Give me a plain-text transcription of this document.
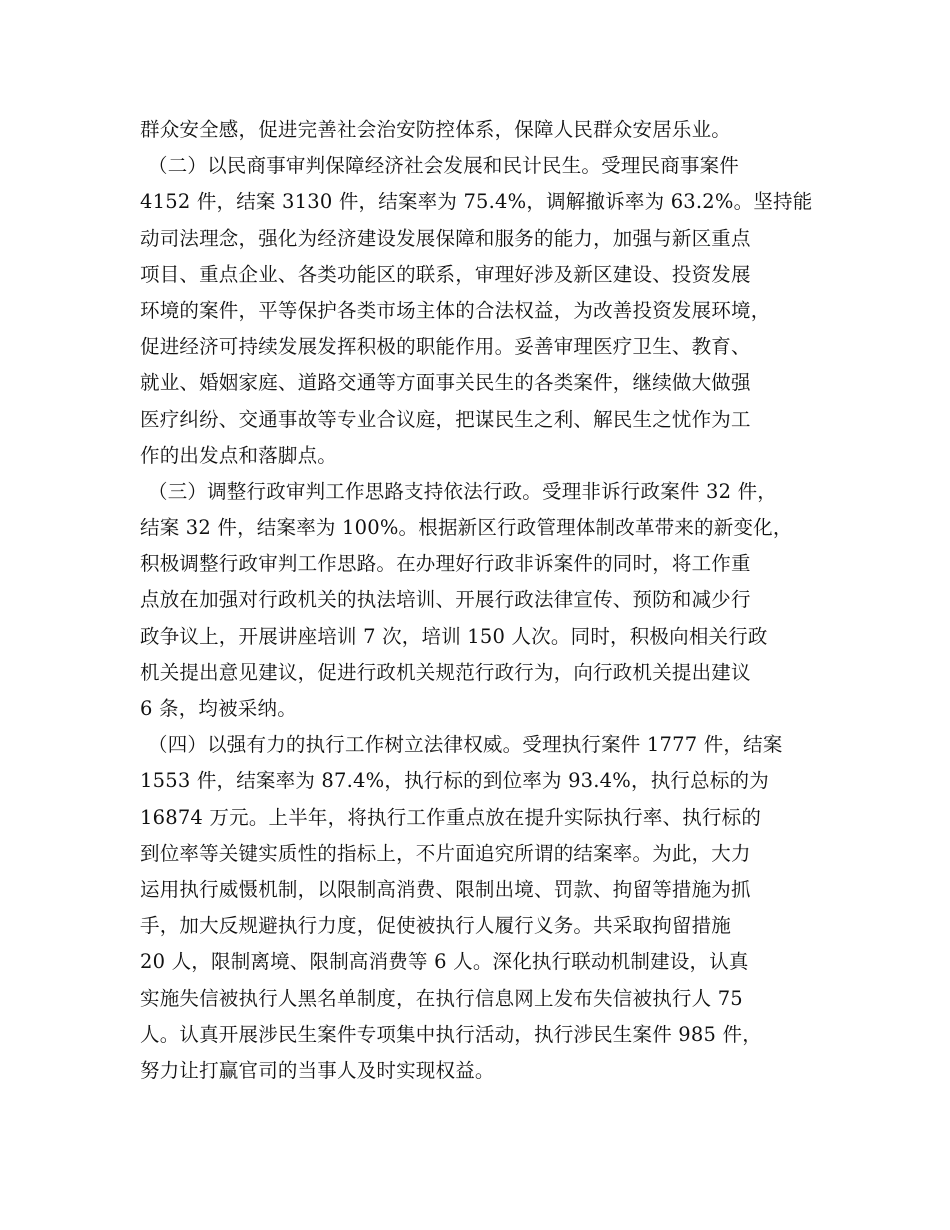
群众安全感，促进完善社会治安防控体系，保障人民群众安居乐业。
（二）以民商事审判保障经济社会发展和民计民生。受理民商事案件
4152 件，结案 3130 件，结案率为 75.4%，调解撤诉率为 63.2%。坚持能
动司法理念，强化为经济建设发展保障和服务的能力，加强与新区重点
项目、重点企业、各类功能区的联系，审理好涉及新区建设、投资发展
环境的案件，平等保护各类市场主体的合法权益，为改善投资发展环境，
促进经济可持续发展发挥积极的职能作用。妥善审理医疗卫生、教育、
就业、婚姻家庭、道路交通等方面事关民生的各类案件，继续做大做强
医疗纠纷、交通事故等专业合议庭，把谋民生之利、解民生之忧作为工
作的出发点和落脚点。
（三）调整行政审判工作思路支持依法行政。受理非诉行政案件 32 件，
结案 32 件，结案率为 100%。根据新区行政管理体制改革带来的新变化，
积极调整行政审判工作思路。在办理好行政非诉案件的同时，将工作重
点放在加强对行政机关的执法培训、开展行政法律宣传、预防和减少行
政争议上，开展讲座培训 7 次，培训 150 人次。同时，积极向相关行政
机关提出意见建议，促进行政机关规范行政行为，向行政机关提出建议
6 条，均被采纳。
（四）以强有力的执行工作树立法律权威。受理执行案件 1777 件，结案
1553 件，结案率为 87.4%，执行标的到位率为 93.4%，执行总标的为
16874 万元。上半年，将执行工作重点放在提升实际执行率、执行标的
到位率等关键实质性的指标上，不片面追究所谓的结案率。为此，大力
运用执行威慑机制，以限制高消费、限制出境、罚款、拘留等措施为抓
手，加大反规避执行力度，促使被执行人履行义务。共采取拘留措施
20 人，限制离境、限制高消费等 6 人。深化执行联动机制建设，认真
实施失信被执行人黑名单制度，在执行信息网上发布失信被执行人 75
人。认真开展涉民生案件专项集中执行活动，执行涉民生案件 985 件，
努力让打赢官司的当事人及时实现权益。
